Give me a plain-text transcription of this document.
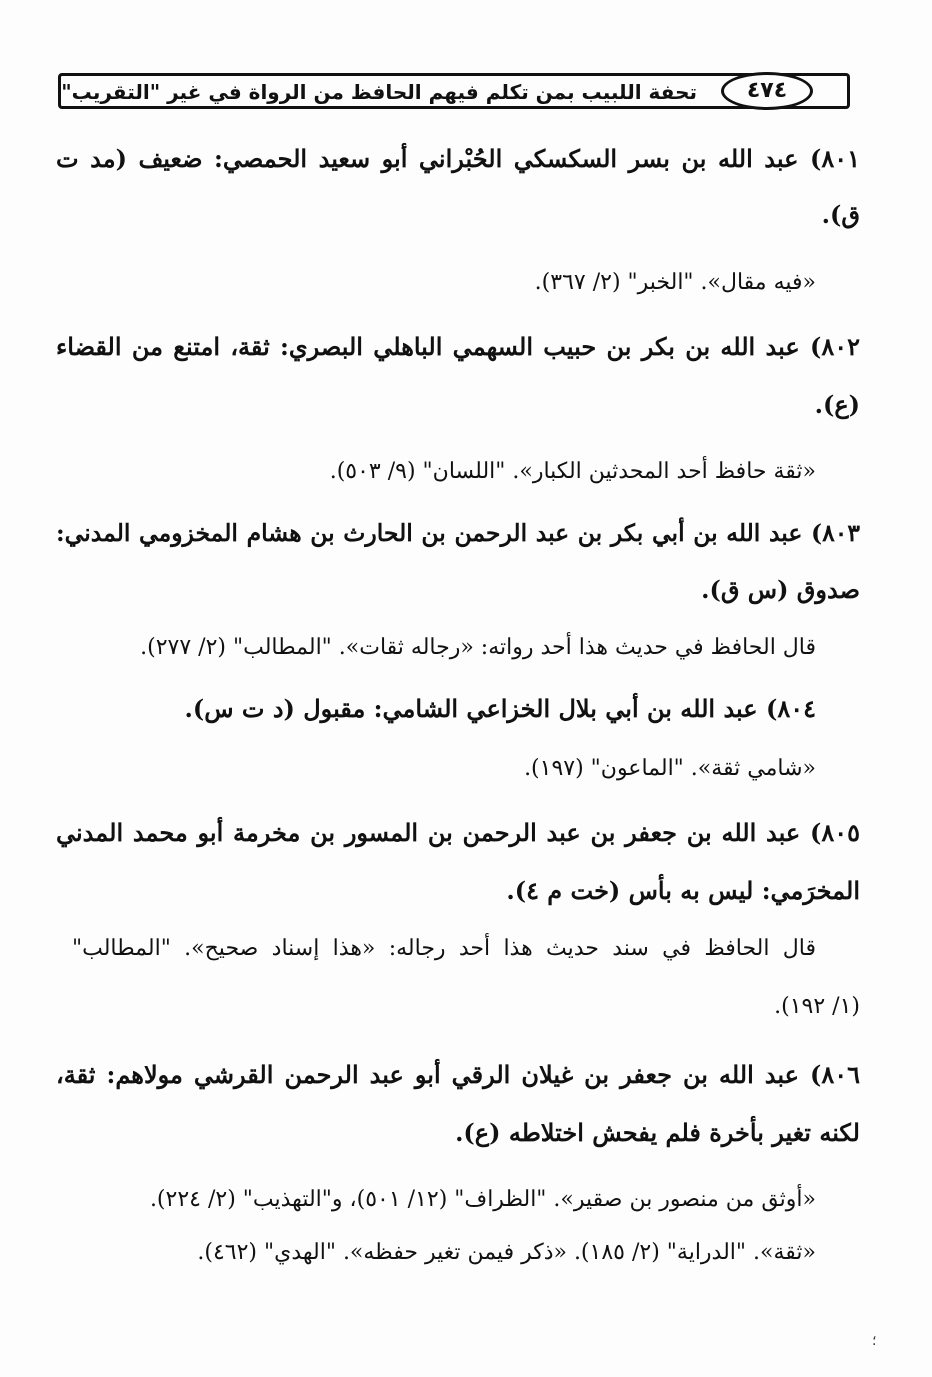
تحفة اللبيب بمن تكلم فيهم الحافظ من الرواة في غير "التقريب"	٤٧٤
٨٠١) عبد الله بن بسر السكسكي الحُبْراني أبو سعيد الحمصي: ضعيف (مد ت
ق).
«فيه مقال». "الخبر" (٢/ ٣٦٧).
٨٠٢) عبد الله بن بكر بن حبيب السهمي الباهلي البصري: ثقة، امتنع من القضاء
(ع).
«ثقة حافظ أحد المحدثين الكبار». "اللسان" (٩/ ٥٠٣).
٨٠٣) عبد الله بن أبي بكر بن عبد الرحمن بن الحارث بن هشام المخزومي المدني:
صدوق (س ق).
قال الحافظ في حديث هذا أحد رواته: «رجاله ثقات». "المطالب" (٢/ ٢٧٧).
٨٠٤) عبد الله بن أبي بلال الخزاعي الشامي: مقبول (د ت س).
«شامي ثقة». "الماعون" (١٩٧).
٨٠٥) عبد الله بن جعفر بن عبد الرحمن بن المسور بن مخرمة أبو محمد المدني
المخرَمي: ليس به بأس (خت م ٤).
قال الحافظ في سند حديث هذا أحد رجاله: «هذا إسناد صحيح». "المطالب"
(١/ ١٩٢).
٨٠٦) عبد الله بن جعفر بن غيلان الرقي أبو عبد الرحمن القرشي مولاهم: ثقة،
لكنه تغير بأخرة فلم يفحش اختلاطه (ع).
«أوثق من منصور بن صقير». "الظراف" (١٢/ ٥٠١)، و"التهذيب" (٢/ ٢٢٤).
«ثقة». "الدراية" (٢/ ١٨٥). «ذكر فيمن تغير حفظه». "الهدي" (٤٦٢).
؛
